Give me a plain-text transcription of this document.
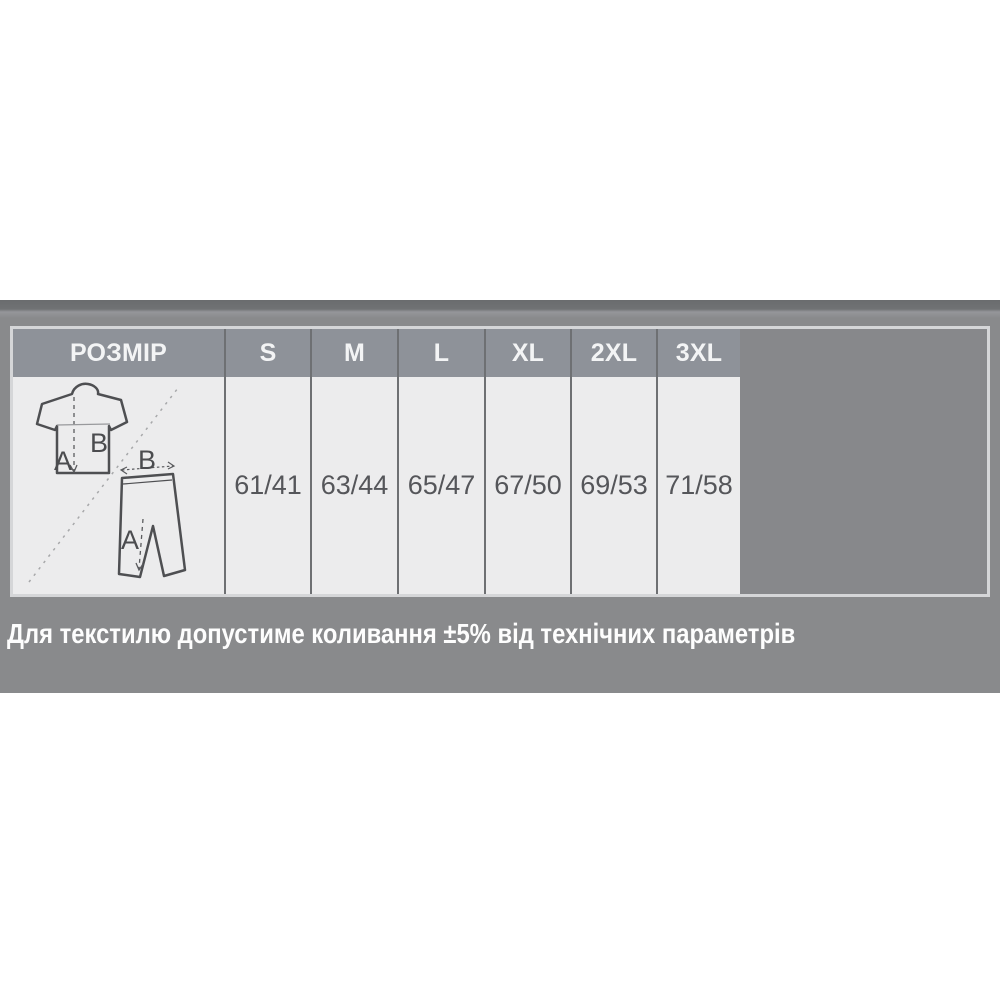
РОЗМІР	S	M	L	XL	2XL	3XL
A
B
B
A
61/41 63/44 65/47 67/50 69/53 71/58
Для текстилю допустиме коливання ±5% від технічних параметрів
